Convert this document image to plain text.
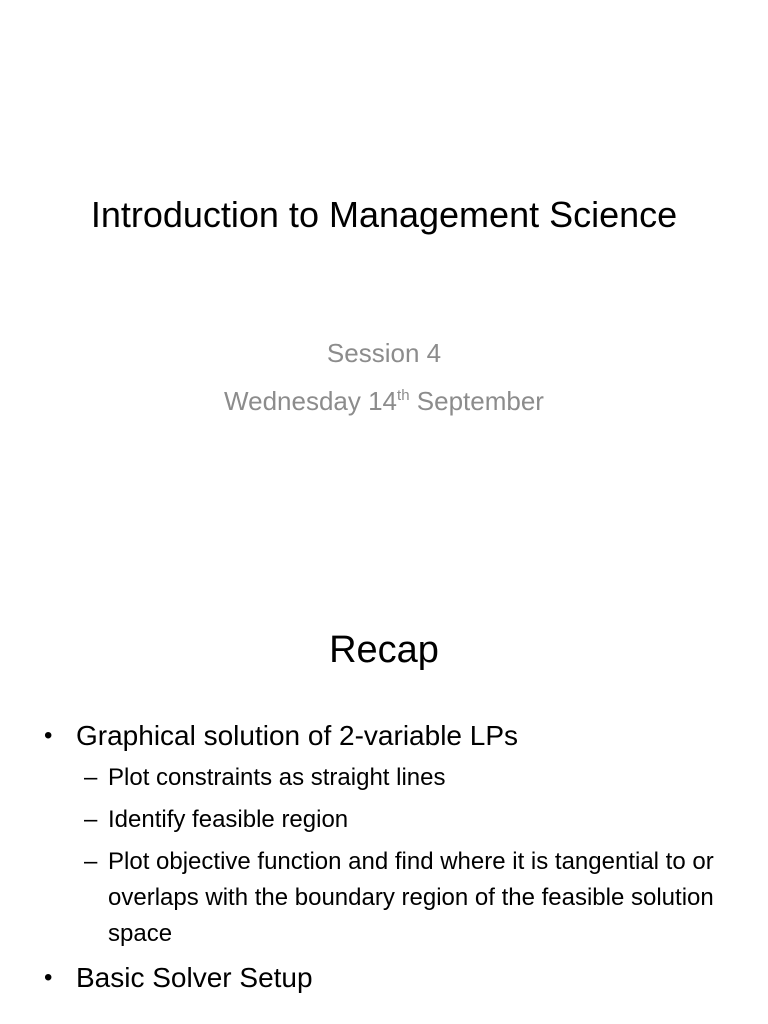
Introduction to Management Science
Session 4
Wednesday 14th September
Recap
• Graphical solution of 2-variable LPs
– Plot constraints as straight lines
– Identify feasible region
– Plot objective function and find where it is tangential to or overlaps with the boundary region of the feasible solution space
• Basic Solver Setup
